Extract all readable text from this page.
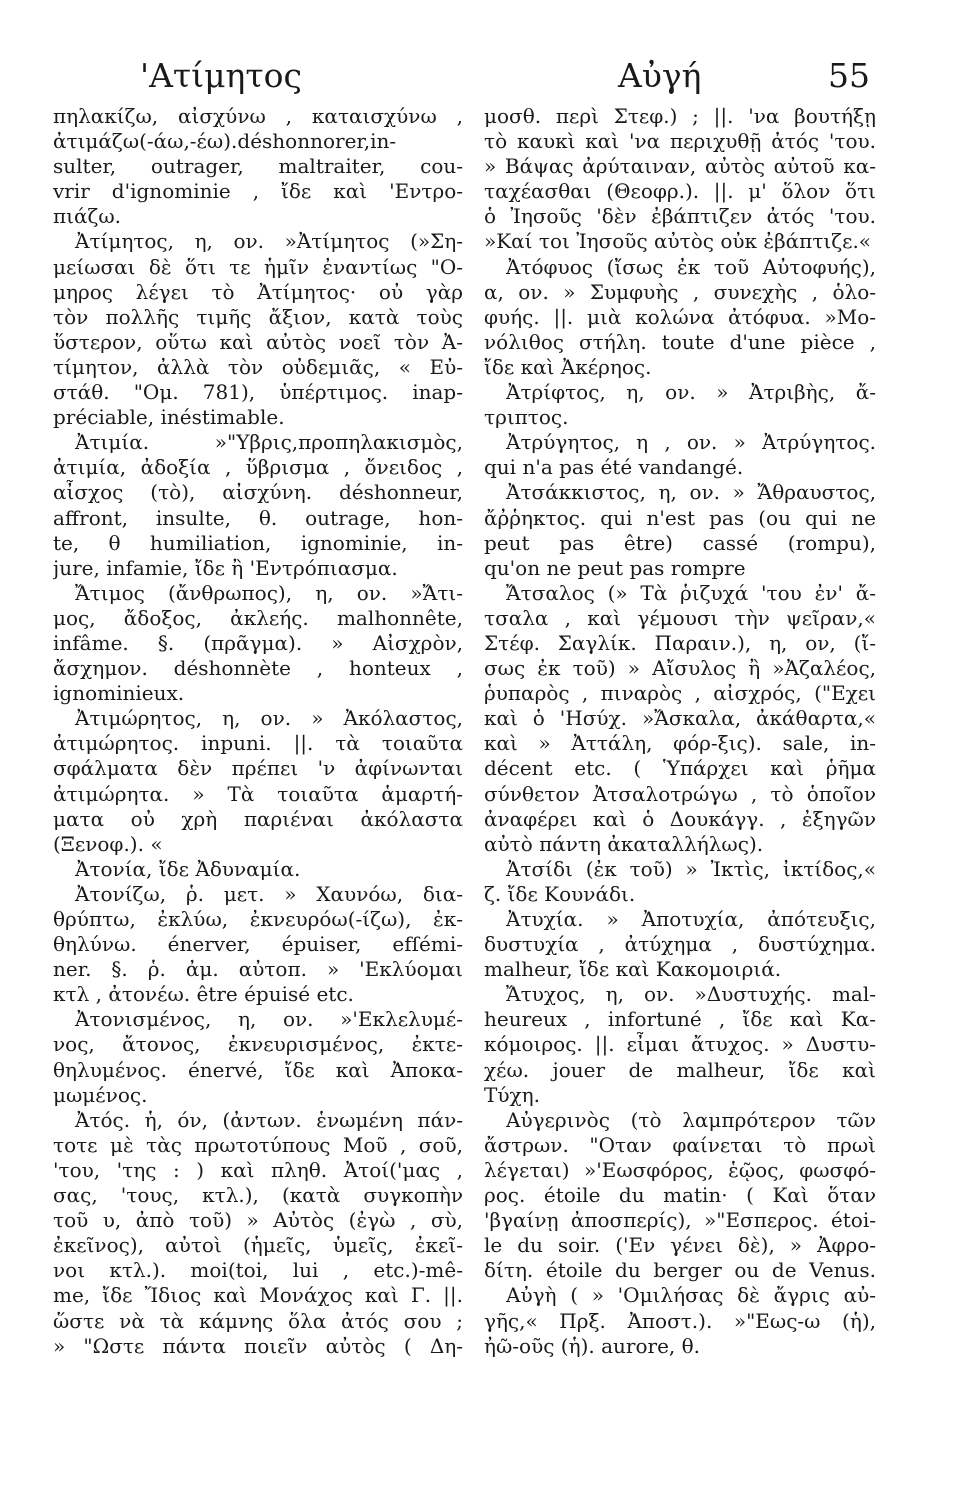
'Ατίμητος	Αὐγή	55
πηλακίζω, αἰσχύνω , καταισχύνω ,
ἀτιμάζω(-άω,-έω).déshonnorer,in-
sulter, outrager, maltraiter, cou-
vrir d'ignominie , ἴδε καὶ 'Εντρο-
πιάζω.
Ἀτίμητος, η, ον. »Ἀτίμητος (»Ση-
μείωσαι δὲ ὅτι τε ἡμῖν ἐναντίως "Ο-
μηρος λέγει τὸ Ἀτίμητος· οὐ γὰρ
τὸν πολλῆς τιμῆς ἄξιον, κατὰ τοὺς
ὕστερον, οὕτω καὶ αὐτὸς νοεῖ τὸν Ἀ-
τίμητον, ἀλλὰ τὸν οὐδεμιᾶς, « Εὐ-
στάθ. "Ομ. 781), ὑπέρτιμος. inap-
préciable, inéstimable.
Ἀτιμία. »"Υβρις,προπηλακισμὸς,
ἀτιμία, ἀδοξία , ὕβρισμα , ὄνειδος ,
αἶσχος (τὸ), αἰσχύνη. déshonneur,
affront, insulte, θ. outrage, hon-
te, θ humiliation, ignominie, in-
jure, infamie, ἴδε ἢ 'Εντρόπιασμα.
Ἄτιμος (ἄνθρωπος), η, ον. »Ἄτι-
μος, ἄδοξος, ἀκλεής. malhonnête,
infâme. §. (πρᾶγμα). » Αἰσχρὸν,
ἄσχημον. déshonnète , honteux ,
ignominieux.
Ἀτιμώρητος, η, ον. » Ἀκόλαστος,
ἀτιμώρητος. inpuni. ||. τὰ τοιαῦτα
σφάλματα δὲν πρέπει 'ν ἀφίνωνται
ἀτιμώρητα. » Τὰ τοιαῦτα ἁμαρτή-
ματα οὐ χρὴ παριέναι ἀκόλαστα
(Ξενοφ.). «
Ἀτονία, ἴδε Ἀδυναμία.
Ἀτονίζω, ῥ. μετ. » Χαυνόω, δια-
θρύπτω, ἐκλύω, ἐκνευρόω(-ίζω), ἐκ-
θηλύνω. énerver, épuiser, efſémi-
ner. §. ῥ. ἀμ. αὐτοπ. » 'Εκλύομαι
κτλ , ἀτονέω. être épuisé etc.
Ἀτονισμένος, η, ον. »'Εκλελυμέ-
νος, ἄτονος, ἐκνευρισμένος, ἐκτε-
θηλυμένος. énervé, ἴδε καὶ Ἀποκα-
μωμένος.
Ἀτός. ἡ, όν, (ἀντων. ἑνωμένη πάν-
τοτε μὲ τὰς πρωτοτύπους Μοῦ , σοῦ,
'του, 'της : ) καὶ πληθ. Ἀτοί('μας ,
σας, 'τους, κτλ.), (κατὰ συγκοπὴν
τοῦ υ, ἀπὸ τοῦ) » Αὐτὸς (ἐγὼ , σὺ,
ἐκεῖνος), αὐτοὶ (ἡμεῖς, ὑμεῖς, ἐκεῖ-
νοι κτλ.). moi(toi, lui , etc.)-mê-
me, ἴδε Ἴδιος καὶ Μονάχος καὶ Γ. ||.
ὥστε νὰ τὰ κάμνης ὅλα ἀτός σου ;
» "Ωστε πάντα ποιεῖν αὐτὸς ( Δη-
μοσθ. περὶ Στεφ.) ; ||. 'να βουτήξῃ
τὸ καυκὶ καὶ 'να περιχυθῇ ἀτός 'του.
» Βάψας ἀρύταιναν, αὐτὸς αὐτοῦ κα-
ταχέασθαι (Θεοφρ.). ||. μ' ὅλον ὅτι
ὁ Ἰησοῦς 'δὲν ἐβάπτιζεν ἀτός 'του.
»Καί τοι Ἰησοῦς αὐτὸς οὐκ ἐβάπτιζε.«
Ἀτόφυος (ἴσως ἐκ τοῦ Αὐτοφυής),
α, ον. » Συμφυὴς , συνεχὴς , ὁλο-
φυής. ||. μιὰ κολώνα ἀτόφυα. »Μο-
νόλιθος στήλη. toute d'une pièce ,
ἴδε καὶ Ἀκέρηος.
Ἀτρίφτος, η, ον. » Ἀτριβὴς, ἄ-
τριπτος.
Ἀτρύγητος, η , ον. » Ἀτρύγητος.
qui n'a pas été vandangé.
Ἀτσάκκιστος, η, ον. » Ἄθραυστος,
ἄῤῥηκτος. qui n'est pas (ou qui ne
peut pas être) cassé (rompu),
qu'on ne peut pas rompre
Ἄτσαλος (» Τὰ ῥιζυχά 'του ἐν' ἄ-
τσαλα , καὶ γέμουσι τὴν ψεῖραν,«
Στέφ. Σαγλίκ. Παραιν.), η, ον, (ἴ-
σως ἐκ τοῦ) » Αἴσυλος ἢ »Ἀζαλέος,
ῥυπαρὸς , πιναρὸς , αἰσχρός, ("Εχει
καὶ ὁ 'Ησύχ. »Ἄσκαλα, ἀκάθαρτα,«
καὶ » Ἀττάλη, φόρ-ξις). sale, in-
décent etc. ( Ὑπάρχει καὶ ῥῆμα
σύνθετον Ἀτσαλοτρώγω , τὸ ὁποῖον
ἀναφέρει καὶ ὁ Δουκάγγ. , ἐξηγῶν
αὐτὸ πάντη ἀκαταλλήλως).
Ἀτσίδι (ἐκ τοῦ) » Ἰκτὶς, ἰκτίδος,«
ζ. ἴδε Κουνάδι.
Ἀτυχία. » Ἀποτυχία, ἀπότευξις,
δυστυχία , ἀτύχημα , δυστύχημα.
malheur, ἴδε καὶ Κακομοιριά.
Ἄτυχος, η, ον. »Δυστυχής. mal-
heureux , infortuné , ἴδε καὶ Κα-
κόμοιρος. ||. εἶμαι ἄτυχος. » Δυστυ-
χέω. jouer de malheur, ἴδε καὶ
Τύχη.
Αὐγερινὸς (τὸ λαμπρότερον τῶν
ἄστρων. "Οταν φαίνεται τὸ πρωὶ
λέγεται) »'Εωσφόρος, ἑῷος, φωσφό-
ρος. étoile du matin· ( Καὶ ὅταν
'βγαίνῃ ἀποσπερίς), »"Εσπερος. étoi-
le du soir. ('Εν γένει δὲ), » Ἀφρο-
δίτη. étoile du berger ou de Venus.
Αὐγὴ ( » 'Ομιλήσας δὲ ἄγρις αὐ-
γῆς,« Πρξ. Ἀποστ.). »"Εως-ω (ἡ),
ἠῶ-οῦς (ἡ). aurore, θ.
